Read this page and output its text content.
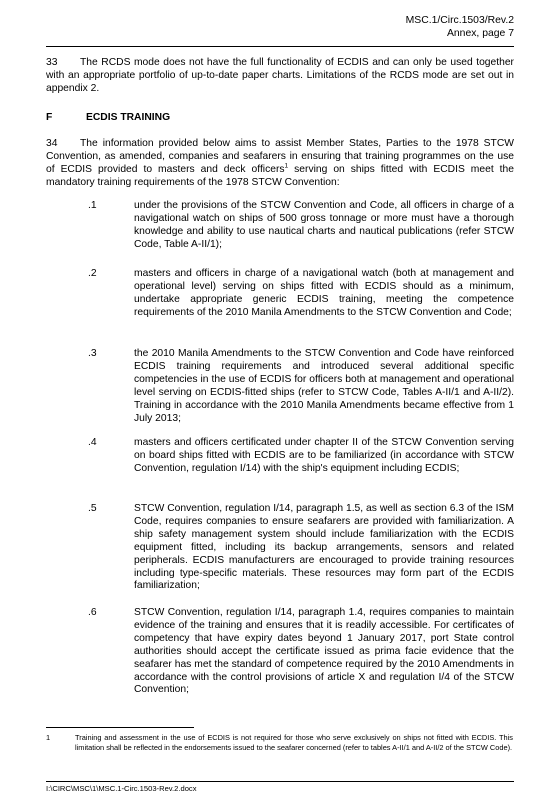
MSC.1/Circ.1503/Rev.2
Annex, page 7
33 The RCDS mode does not have the full functionality of ECDIS and can only be used together with an appropriate portfolio of up-to-date paper charts. Limitations of the RCDS mode are set out in appendix 2.
F	ECDIS TRAINING
34 The information provided below aims to assist Member States, Parties to the 1978 STCW Convention, as amended, companies and seafarers in ensuring that training programmes on the use of ECDIS provided to masters and deck officers$^1$ serving on ships fitted with ECDIS meet the mandatory training requirements of the 1978 STCW Convention:
.1	under the provisions of the STCW Convention and Code, all officers in charge of a navigational watch on ships of 500 gross tonnage or more must have a thorough knowledge and ability to use nautical charts and nautical publications (refer STCW Code, Table A-II/1);
.2	masters and officers in charge of a navigational watch (both at management and operational level) serving on ships fitted with ECDIS should as a minimum, undertake appropriate generic ECDIS training, meeting the competence requirements of the 2010 Manila Amendments to the STCW Convention and Code;
.3	the 2010 Manila Amendments to the STCW Convention and Code have reinforced ECDIS training requirements and introduced several additional specific competencies in the use of ECDIS for officers both at management and operational level serving on ECDIS-fitted ships (refer to STCW Code, Tables A-II/1 and A-II/2). Training in accordance with the 2010 Manila Amendments became effective from 1 July 2013;
.4	masters and officers certificated under chapter II of the STCW Convention serving on board ships fitted with ECDIS are to be familiarized (in accordance with STCW Convention, regulation I/14) with the ship's equipment including ECDIS;
.5	STCW Convention, regulation I/14, paragraph 1.5, as well as section 6.3 of the ISM Code, requires companies to ensure seafarers are provided with familiarization. A ship safety management system should include familiarization with the ECDIS equipment fitted, including its backup arrangements, sensors and related peripherals. ECDIS manufacturers are encouraged to provide training resources including type-specific materials. These resources may form part of the ECDIS familiarization;
.6	STCW Convention, regulation I/14, paragraph 1.4, requires companies to maintain evidence of the training and ensures that it is readily accessible. For certificates of competency that have expiry dates beyond 1 January 2017, port State control authorities should accept the certificate issued as prima facie evidence that the seafarer has met the standard of competence required by the 2010 Amendments in accordance with the control provisions of article X and regulation I/4 of the STCW Convention;
1	Training and assessment in the use of ECDIS is not required for those who serve exclusively on ships not fitted with ECDIS. This limitation shall be reflected in the endorsements issued to the seafarer concerned (refer to tables A-II/1 and A-II/2 of the STCW Code).
I:\CIRC\MSC\1\MSC.1-Circ.1503-Rev.2.docx
